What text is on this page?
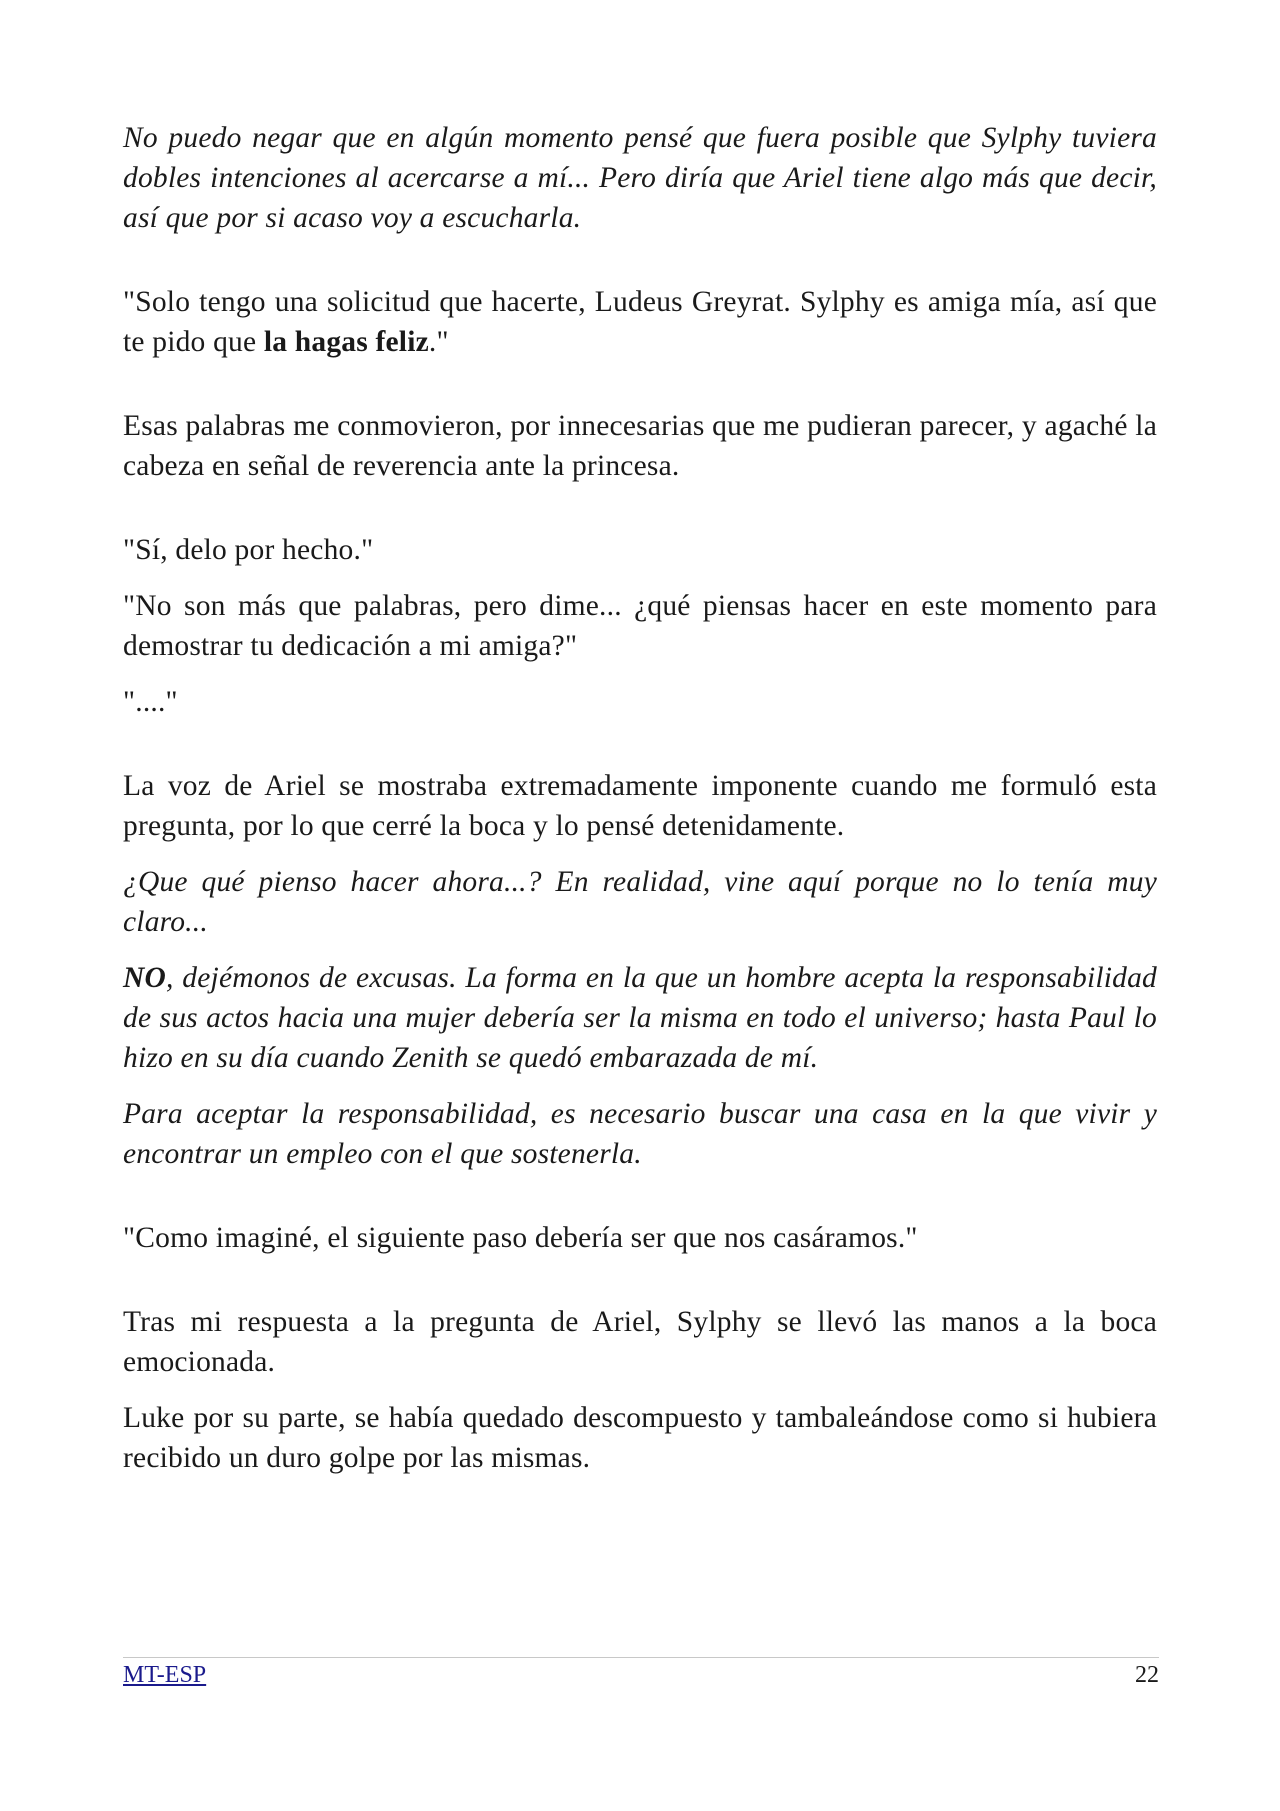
No puedo negar que en algún momento pensé que fuera posible que Sylphy tuviera dobles intenciones al acercarse a mí... Pero diría que Ariel tiene algo más que decir, así que por si acaso voy a escucharla.

"Solo tengo una solicitud que hacerte, Ludeus Greyrat. Sylphy es amiga mía, así que te pido que la hagas feliz."

Esas palabras me conmovieron, por innecesarias que me pudieran parecer, y agaché la cabeza en señal de reverencia ante la princesa.

"Sí, delo por hecho."

"No son más que palabras, pero dime... ¿qué piensas hacer en este momento para demostrar tu dedicación a mi amiga?"

"...."

La voz de Ariel se mostraba extremadamente imponente cuando me formuló esta pregunta, por lo que cerré la boca y lo pensé detenidamente.

¿Que qué pienso hacer ahora...? En realidad, vine aquí porque no lo tenía muy claro...

NO, dejémonos de excusas. La forma en la que un hombre acepta la responsabilidad de sus actos hacia una mujer debería ser la misma en todo el universo; hasta Paul lo hizo en su día cuando Zenith se quedó embarazada de mí.

Para aceptar la responsabilidad, es necesario buscar una casa en la que vivir y encontrar un empleo con el que sostenerla.

"Como imaginé, el siguiente paso debería ser que nos casáramos."

Tras mi respuesta a la pregunta de Ariel, Sylphy se llevó las manos a la boca emocionada.

Luke por su parte, se había quedado descompuesto y tambaleándose como si hubiera recibido un duro golpe por las mismas.

MT-ESP	22
